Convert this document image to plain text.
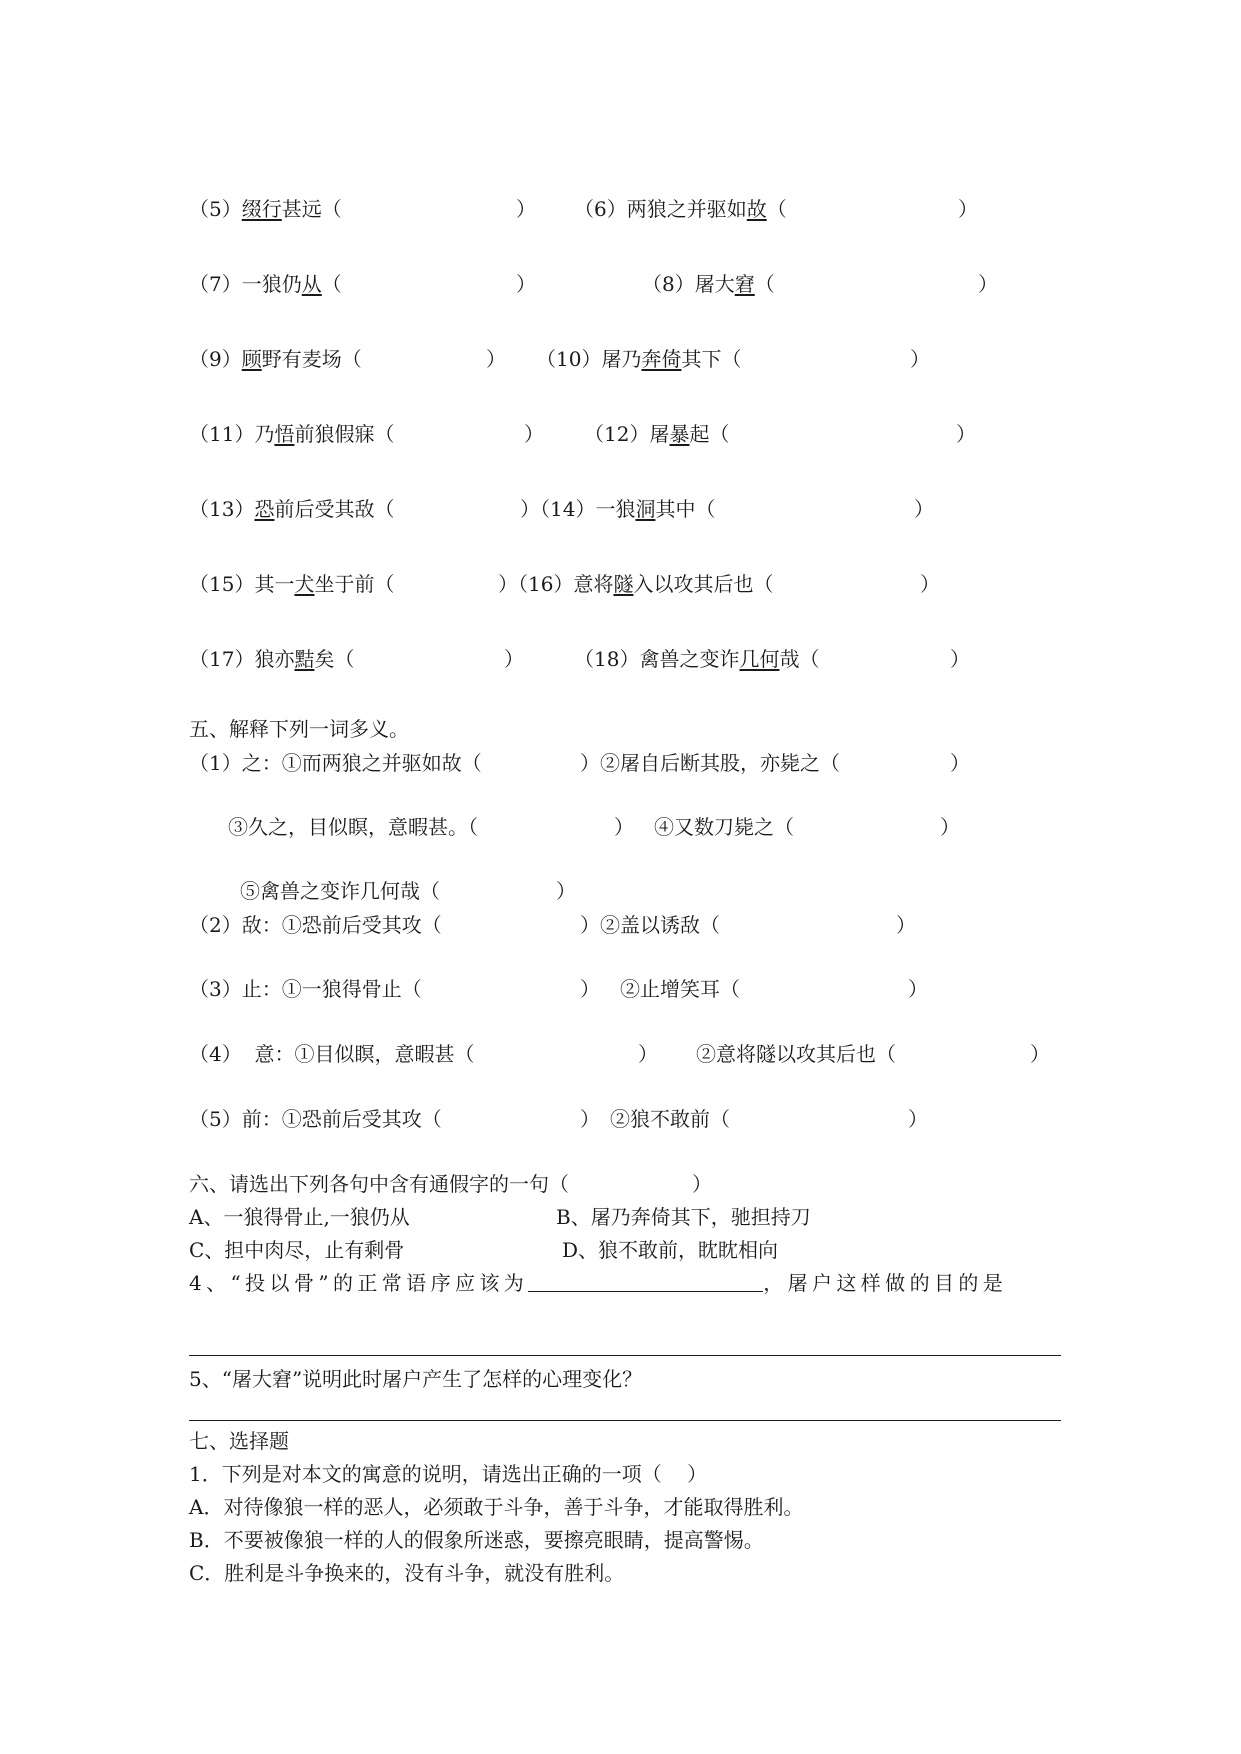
（5）缀行甚远（	） （6）两狼之并驱如故（	）
（7）一狼仍从（	）	（8）屠大窘（	）
（9）顾野有麦场（	） （10）屠乃奔倚其下（	）
（11）乃悟前狼假寐（	） （12）屠暴起（	）
（13）恐前后受其敌（	）（14）一狼洞其中（	）
（15）其一犬坐于前（	）（16）意将隧入以攻其后也（	）
（17）狼亦黠矣（	）	（18）禽兽之变诈几何哉（	）
五、解释下列一词多义。
（1）之：①而两狼之并驱如故（	）②屠自后断其股，亦毙之（	）
③久之，目似瞑，意暇甚。（	） ④又数刀毙之（	）
⑤禽兽之变诈几何哉（	）
（2）敌：①恐前后受其攻（	）②盖以诱敌（	）
（3）止：①一狼得骨止（	） ②止增笑耳（	）
（4）  意：①目似瞑，意暇甚（	） ②意将隧以攻其后也（	）
（5）前：①恐前后受其攻（	） ②狼不敢前（	）
六、请选出下列各句中含有通假字的一句（	）
A、一狼得骨止,一狼仍从	B、屠乃奔倚其下，驰担持刀
C、担中肉尽，止有剩骨	D、狼不敢前，眈眈相向
4、“投以骨”的正常语序应该为	，屠户这样做的目的是
5、“屠大窘”说明此时屠户产生了怎样的心理变化？
七、选择题
1．下列是对本文的寓意的说明，请选出正确的一项（    ）
A．对待像狼一样的恶人，必须敢于斗争，善于斗争，才能取得胜利。
B．不要被像狼一样的人的假象所迷惑，要擦亮眼睛，提高警惕。
C．胜利是斗争换来的，没有斗争，就没有胜利。
